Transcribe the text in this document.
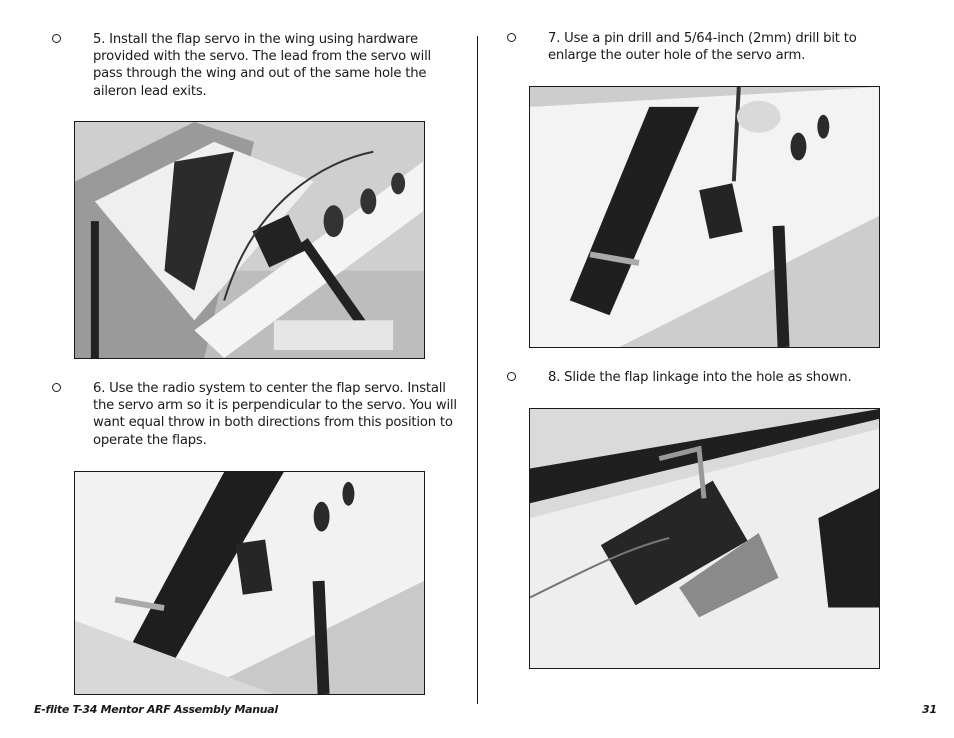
5. Install the flap servo in the wing using hardware
provided with the servo. The lead from the servo will
pass through the wing and out of the same hole the
aileron lead exits.
6. Use the radio system to center the flap servo. Install
the servo arm so it is perpendicular to the servo. You will
want equal throw in both directions from this position to
operate the flaps.
7. Use a pin drill and 5/64-inch (2mm) drill bit to
enlarge the outer hole of the servo arm.
8. Slide the flap linkage into the hole as shown.
E-flite T-34 Mentor ARF Assembly Manual	31
